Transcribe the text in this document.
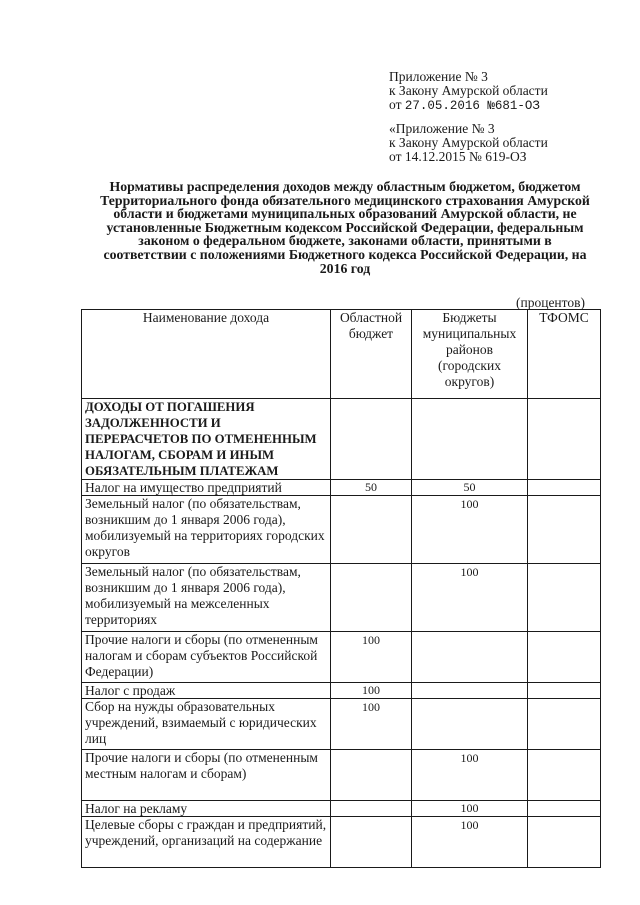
Приложение № 3
к Закону Амурской области
от 27.05.2016 №681-ОЗ
«Приложение № 3
к Закону Амурской области
от 14.12.2015 № 619-ОЗ
Нормативы распределения доходов между областным бюджетом, бюджетом Территориального фонда обязательного медицинского страхования Амурской области и бюджетами муниципальных образований Амурской области, не установленные Бюджетным кодексом Российской Федерации, федеральным законом о федеральном бюджете, законами области, принятыми в соответствии с положениями Бюджетного кодекса Российской Федерации, на 2016 год
(процентов)
Наименование дохода	Областной бюджет	Бюджеты муниципальных районов (городских округов)	ТФОМС
ДОХОДЫ ОТ ПОГАШЕНИЯ ЗАДОЛЖЕННОСТИ И ПЕРЕРАСЧЕТОВ ПО ОТМЕНЕННЫМ НАЛОГАМ, СБОРАМ И ИНЫМ ОБЯЗАТЕЛЬНЫМ ПЛАТЕЖАМ			
Налог на имущество предприятий	50	50	
Земельный налог (по обязательствам, возникшим до 1 января 2006 года), мобилизуемый на территориях городских округов		100	
Земельный налог (по обязательствам, возникшим до 1 января 2006 года), мобилизуемый на межселенных территориях		100	
Прочие налоги и сборы (по отмененным налогам и сборам субъектов Российской Федерации)	100		
Налог с продаж	100		
Сбор на нужды образовательных учреждений, взимаемый с юридических лиц	100		
Прочие налоги и сборы (по отмененным местным налогам и сборам)		100	
Налог на рекламу		100	
Целевые сборы с граждан и предприятий, учреждений, организаций на содержание		100	
